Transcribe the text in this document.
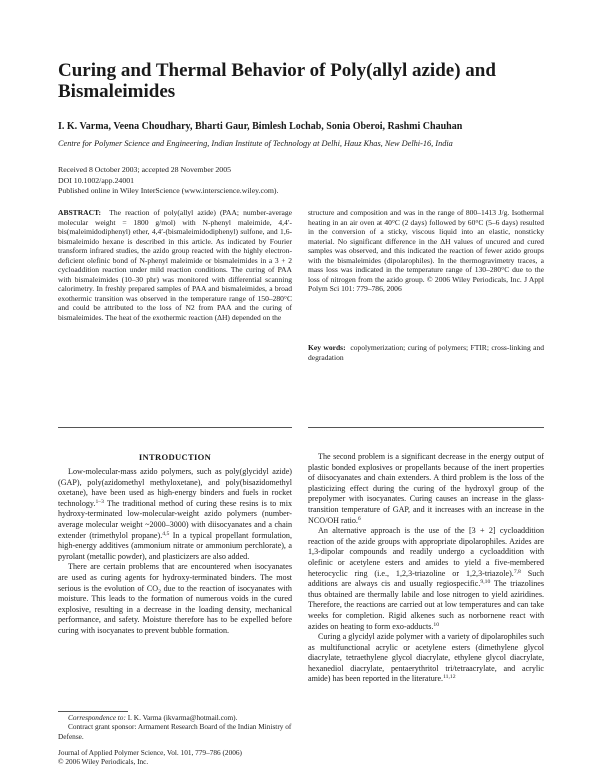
Curing and Thermal Behavior of Poly(allyl azide) and Bismaleimides
I. K. Varma, Veena Choudhary, Bharti Gaur, Bimlesh Lochab, Sonia Oberoi, Rashmi Chauhan
Centre for Polymer Science and Engineering, Indian Institute of Technology at Delhi, Hauz Khas, New Delhi-16, India
Received 8 October 2003; accepted 28 November 2005
DOI 10.1002/app.24001
Published online in Wiley InterScience (www.interscience.wiley.com).

ABSTRACT: The reaction of poly(allyl azide) (PAA; number-average molecular weight = 1800 g/mol) with N-phenyl maleimide, 4,4′-bis(maleimidodiphenyl) ether, 4,4′-(bismaleimidodiphenyl) sulfone, and 1,6-bismaleimido hexane is described in this article. As indicated by Fourier transform infrared studies, the azido group reacted with the highly electron-deficient olefinic bond of N-phenyl maleimide or bismaleimides in a 3 + 2 cycloaddition reaction under mild reaction conditions. The curing of PAA with bismaleimides (10–30 phr) was monitored with differential scanning calorimetry. In freshly prepared samples of PAA and bismaleimides, a broad exothermic transition was observed in the temperature range of 150–280°C and could be attributed to the loss of N2 from PAA and the curing of bismaleimides. The heat of the exothermic reaction (ΔH) depended on the

structure and composition and was in the range of 800–1413 J/g. Isothermal heating in an air oven at 40°C (2 days) followed by 60°C (5–6 days) resulted in the conversion of a sticky, viscous liquid into an elastic, nonsticky material. No significant difference in the ΔH values of uncured and cured samples was observed, and this indicated the reaction of fewer azido groups with the bismaleimides (dipolarophiles). In the thermogravimetry traces, a mass loss was indicated in the temperature range of 130–280°C due to the loss of nitrogen from the azido group. © 2006 Wiley Periodicals, Inc. J Appl Polym Sci 101: 779–786, 2006

Key words: copolymerization; curing of polymers; FTIR; cross-linking and degradation

INTRODUCTION

Low-molecular-mass azido polymers, such as poly(glycidyl azide) (GAP), poly(azidomethyl methyloxetane), and poly(bisazidomethyl oxetane), have been used as high-energy binders and fuels in rocket technology.$^{1-3}$ The traditional method of curing these resins is to mix hydroxy-terminated low-molecular-weight azido polymers (number-average molecular weight ~2000–3000) with diisocyanates and a chain extender (trimethylol propane).$^{4,5}$ In a typical propellant formulation, high-energy additives (ammonium nitrate or ammonium perchlorate), a pyrolant (metallic powder), and plasticizers are also added.

There are certain problems that are encountered when isocyanates are used as curing agents for hydroxy-terminated binders. The most serious is the evolution of $CO_2$ due to the reaction of isocyanates with moisture. This leads to the formation of numerous voids in the cured explosive, resulting in a decrease in the loading density, mechanical performance, and safety. Moisture therefore has to be expelled before curing with isocyanates to prevent bubble formation.

The second problem is a significant decrease in the energy output of plastic bonded explosives or propellants because of the inert properties of diisocyanates and chain extenders. A third problem is the loss of the plasticizing effect during the curing of the hydroxyl group of the prepolymer with isocyanates. Curing causes an increase in the glass-transition temperature of GAP, and it increases with an increase in the NCO/OH ratio.$^6$

An alternative approach is the use of the [3 + 2] cycloaddition reaction of the azide groups with appropriate dipolarophiles. Azides are 1,3-dipolar compounds and readily undergo a cycloaddition with olefinic or acetylene esters and amides to yield a five-membered heterocyclic ring (i.e., 1,2,3-triazoline or 1,2,3-triazole).$^{7,8}$ Such additions are always cis and usually regiospecific.$^{9,10}$ The triazolines thus obtained are thermally labile and lose nitrogen to yield aziridines. Therefore, the reactions are carried out at low temperatures and can take weeks for completion. Rigid alkenes such as norbornene react with azides on heating to form exo-adducts.$^{10}$

Curing a glycidyl azide polymer with a variety of dipolarophiles such as multifunctional acrylic or acetylene esters (dimethylene glycol diacrylate, tetraethylene glycol diacrylate, ethylene glycol diacrylate, hexanediol diacrylate, pentaerythritol tri/tetraacrylate, and acrylic amide) has been reported in the literature.$^{11,12}$

Correspondence to: I. K. Varma (ikvarma@hotmail.com).
Contract grant sponsor: Armament Research Board of the Indian Ministry of Defense.
Journal of Applied Polymer Science, Vol. 101, 779–786 (2006)
© 2006 Wiley Periodicals, Inc.
